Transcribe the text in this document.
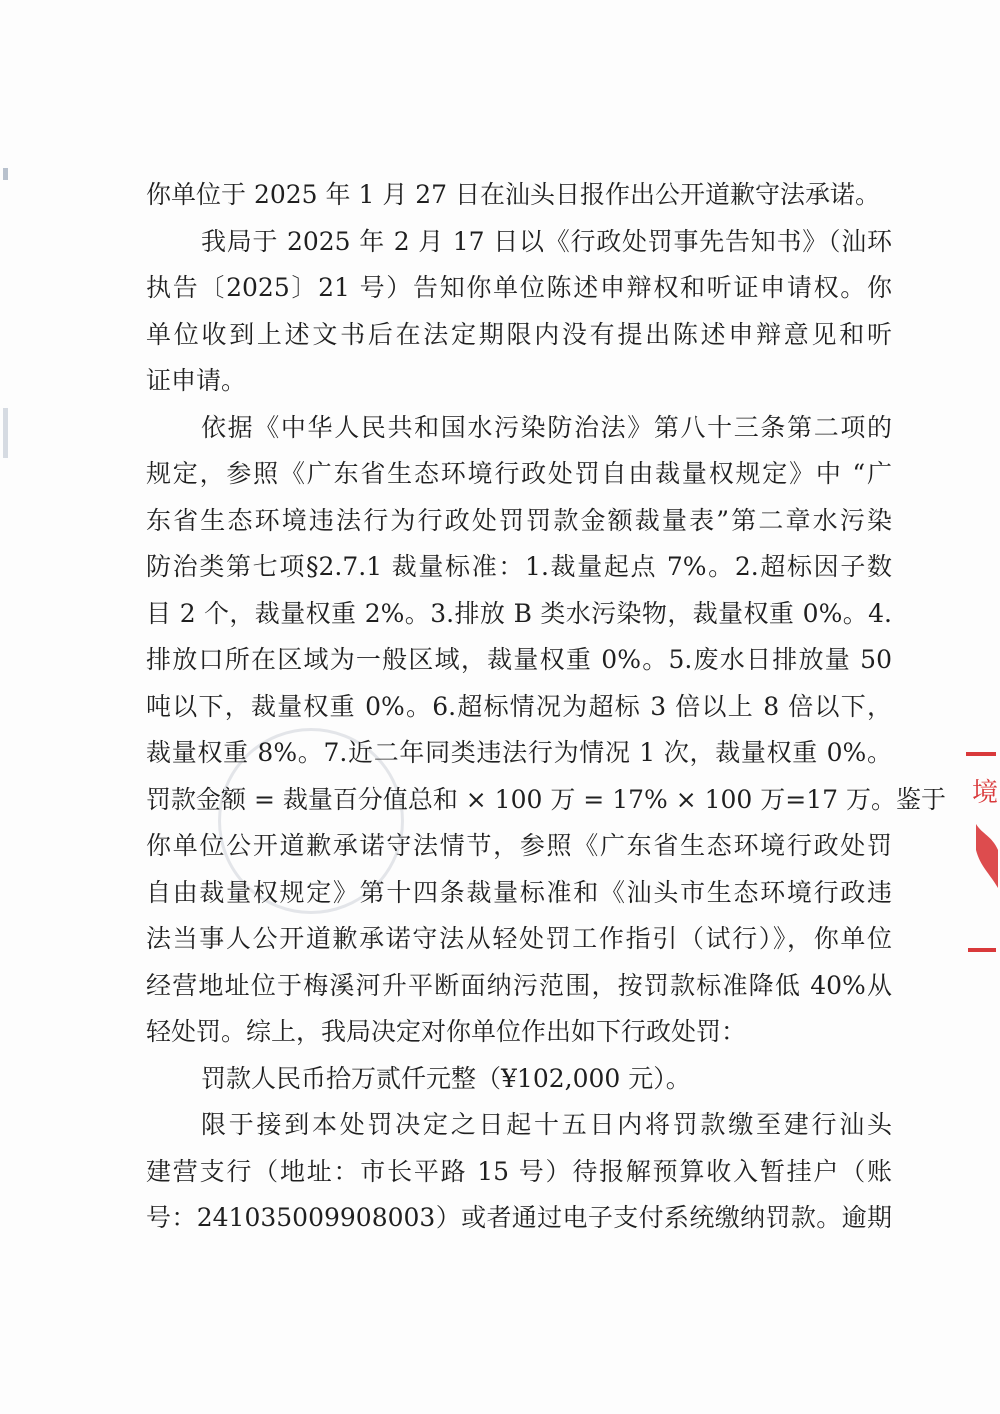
你单位于 2025 年 1 月 27 日在汕头日报作出公开道歉守法承诺。
我局于 2025 年 2 月 17 日以《行政处罚事先告知书》（汕环
执告〔2025〕21 号）告知你单位陈述申辩权和听证申请权。你
单位收到上述文书后在法定期限内没有提出陈述申辩意见和听
证申请。
依据《中华人民共和国水污染防治法》第八十三条第二项的
规定，参照《广东省生态环境行政处罚自由裁量权规定》中 “广
东省生态环境违法行为行政处罚罚款金额裁量表”第二章水污染
防治类第七项§2.7.1 裁量标准：1.裁量起点 7%。2.超标因子数
目 2 个，裁量权重 2%。3.排放 B 类水污染物，裁量权重 0%。4.
排放口所在区域为一般区域，裁量权重 0%。5.废水日排放量 50
吨以下，裁量权重 0%。6.超标情况为超标 3 倍以上 8 倍以下，
裁量权重 8%。7.近二年同类违法行为情况 1 次，裁量权重 0%。
罚款金额 = 裁量百分值总和 × 100 万 = 17% × 100 万=17 万。鉴于
你单位公开道歉承诺守法情节，参照《广东省生态环境行政处罚
自由裁量权规定》第十四条裁量标准和《汕头市生态环境行政违
法当事人公开道歉承诺守法从轻处罚工作指引（试行）》，你单位
经营地址位于梅溪河升平断面纳污范围，按罚款标准降低 40%从
轻处罚。综上，我局决定对你单位作出如下行政处罚：
罚款人民币拾万贰仟元整（¥102,000 元）。
限于接到本处罚决定之日起十五日内将罚款缴至建行汕头
建营支行（地址：市长平路 15 号）待报解预算收入暂挂户（账
号：241035009908003）或者通过电子支付系统缴纳罚款。逾期
境
